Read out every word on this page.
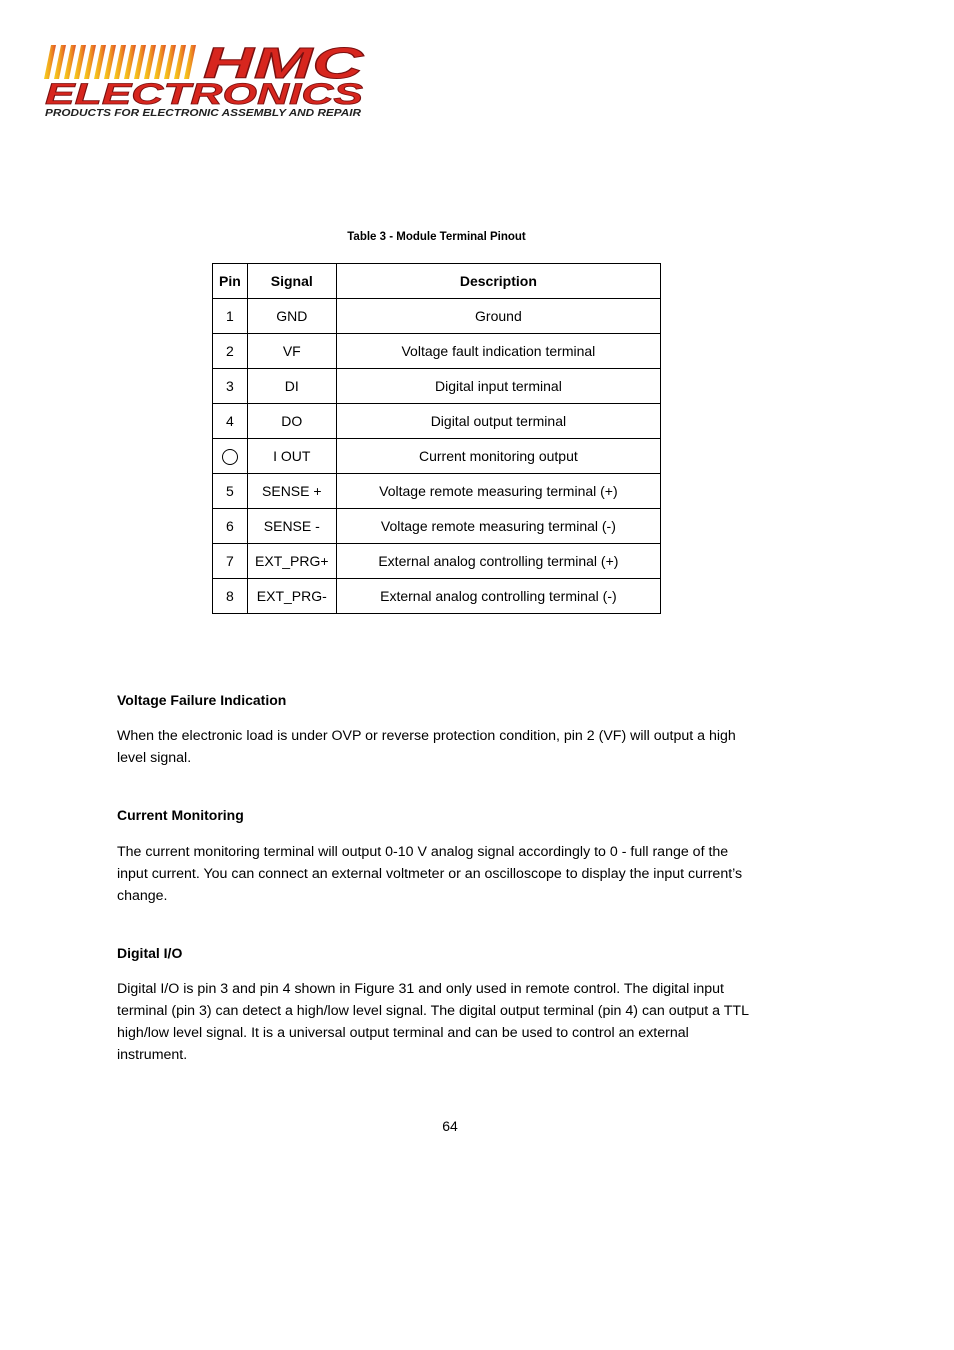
HMC
ELECTRONICS
PRODUCTS FOR ELECTRONIC ASSEMBLY AND REPAIR
Table 3 - Module Terminal Pinout
Pin	Signal	Description
1	GND	Ground
2	VF	Voltage fault indication terminal
3	DI	Digital input terminal
4	DO	Digital output terminal
	I OUT	Current monitoring output
5	SENSE +	Voltage remote measuring terminal (+)
6	SENSE -	Voltage remote measuring terminal (-)
7	EXT_PRG+	External analog controlling terminal (+)
8	EXT_PRG-	External analog controlling terminal (-)
Voltage Failure Indication
When the electronic load is under OVP or reverse protection condition, pin 2 (VF) will output a high level signal.
Current Monitoring
The current monitoring terminal will output 0-10 V analog signal accordingly to 0 - full range of the input current. You can connect an external voltmeter or an oscilloscope to display the input current’s change.
Digital I/O
Digital I/O is pin 3 and pin 4 shown in Figure 31 and only used in remote control. The digital input terminal (pin 3) can detect a high/low level signal. The digital output terminal (pin 4) can output a TTL high/low level signal. It is a universal output terminal and can be used to control an external instrument.
64
